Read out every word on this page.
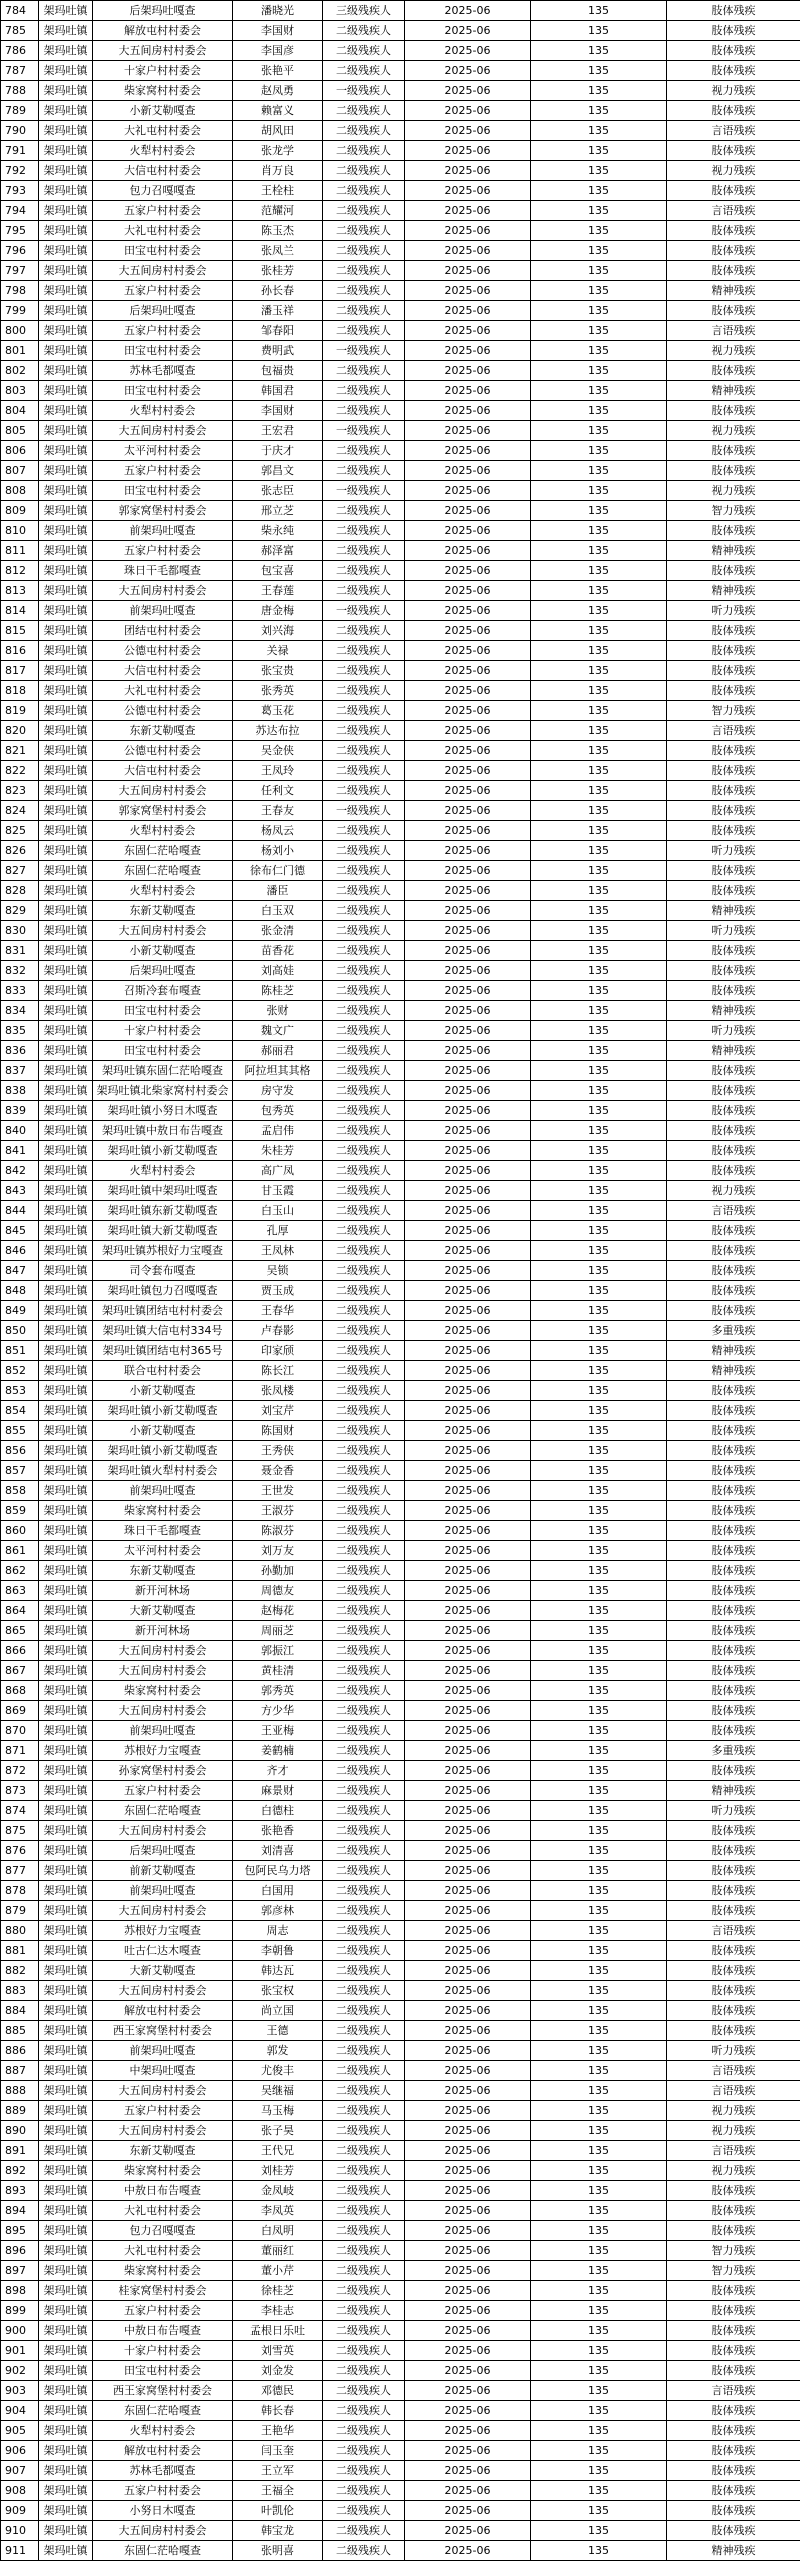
784	架玛吐镇	后架玛吐嘎查	潘晓光	三级残疾人	2025-06	135	肢体残疾
785	架玛吐镇	解放屯村村委会	李国财	二级残疾人	2025-06	135	肢体残疾
786	架玛吐镇	大五间房村村委会	李国彦	二级残疾人	2025-06	135	肢体残疾
787	架玛吐镇	十家户村村委会	张艳平	二级残疾人	2025-06	135	肢体残疾
788	架玛吐镇	柴家窝村村委会	赵凤勇	一级残疾人	2025-06	135	视力残疾
789	架玛吐镇	小新艾勒嘎查	赖富义	二级残疾人	2025-06	135	肢体残疾
790	架玛吐镇	大礼屯村村委会	胡风田	二级残疾人	2025-06	135	言语残疾
791	架玛吐镇	火犁村村委会	张龙学	二级残疾人	2025-06	135	肢体残疾
792	架玛吐镇	大信屯村村委会	肖万良	二级残疾人	2025-06	135	视力残疾
793	架玛吐镇	包力召嘎嘎查	王栓柱	二级残疾人	2025-06	135	肢体残疾
794	架玛吐镇	五家户村村委会	范耀河	二级残疾人	2025-06	135	言语残疾
795	架玛吐镇	大礼屯村村委会	陈玉杰	二级残疾人	2025-06	135	肢体残疾
796	架玛吐镇	田宝屯村村委会	张凤兰	二级残疾人	2025-06	135	肢体残疾
797	架玛吐镇	大五间房村村委会	张桂芳	二级残疾人	2025-06	135	肢体残疾
798	架玛吐镇	五家户村村委会	孙长春	二级残疾人	2025-06	135	精神残疾
799	架玛吐镇	后架玛吐嘎查	潘玉祥	二级残疾人	2025-06	135	肢体残疾
800	架玛吐镇	五家户村村委会	邹春阳	二级残疾人	2025-06	135	言语残疾
801	架玛吐镇	田宝屯村村委会	费明武	一级残疾人	2025-06	135	视力残疾
802	架玛吐镇	苏林毛都嘎查	包福贵	二级残疾人	2025-06	135	肢体残疾
803	架玛吐镇	田宝屯村村委会	韩国君	二级残疾人	2025-06	135	精神残疾
804	架玛吐镇	火犁村村委会	李国财	二级残疾人	2025-06	135	肢体残疾
805	架玛吐镇	大五间房村村委会	王宏君	一级残疾人	2025-06	135	视力残疾
806	架玛吐镇	太平河村村委会	于庆才	二级残疾人	2025-06	135	肢体残疾
807	架玛吐镇	五家户村村委会	郭昌文	二级残疾人	2025-06	135	肢体残疾
808	架玛吐镇	田宝屯村村委会	张志臣	一级残疾人	2025-06	135	视力残疾
809	架玛吐镇	郭家窝堡村村委会	邢立芝	二级残疾人	2025-06	135	智力残疾
810	架玛吐镇	前架玛吐嘎查	柴永纯	二级残疾人	2025-06	135	肢体残疾
811	架玛吐镇	五家户村村委会	郝泽富	二级残疾人	2025-06	135	精神残疾
812	架玛吐镇	珠日干毛都嘎查	包宝喜	二级残疾人	2025-06	135	肢体残疾
813	架玛吐镇	大五间房村村委会	王春莲	二级残疾人	2025-06	135	精神残疾
814	架玛吐镇	前架玛吐嘎查	唐金梅	一级残疾人	2025-06	135	听力残疾
815	架玛吐镇	团结屯村村委会	刘兴海	二级残疾人	2025-06	135	肢体残疾
816	架玛吐镇	公德屯村村委会	关禄	二级残疾人	2025-06	135	肢体残疾
817	架玛吐镇	大信屯村村委会	张宝贵	二级残疾人	2025-06	135	肢体残疾
818	架玛吐镇	大礼屯村村委会	张秀英	二级残疾人	2025-06	135	肢体残疾
819	架玛吐镇	公德屯村村委会	葛玉花	二级残疾人	2025-06	135	智力残疾
820	架玛吐镇	东新艾勒嘎查	苏达布拉	二级残疾人	2025-06	135	言语残疾
821	架玛吐镇	公德屯村村委会	吴金侠	二级残疾人	2025-06	135	肢体残疾
822	架玛吐镇	大信屯村村委会	王凤玲	二级残疾人	2025-06	135	肢体残疾
823	架玛吐镇	大五间房村村委会	任利文	二级残疾人	2025-06	135	肢体残疾
824	架玛吐镇	郭家窝堡村村委会	王春友	一级残疾人	2025-06	135	肢体残疾
825	架玛吐镇	火犁村村委会	杨凤云	二级残疾人	2025-06	135	肢体残疾
826	架玛吐镇	东固仁茫哈嘎查	杨刘小	二级残疾人	2025-06	135	听力残疾
827	架玛吐镇	东固仁茫哈嘎查	徐布仁门德	二级残疾人	2025-06	135	肢体残疾
828	架玛吐镇	火犁村村委会	潘臣	二级残疾人	2025-06	135	肢体残疾
829	架玛吐镇	东新艾勒嘎查	白玉双	二级残疾人	2025-06	135	精神残疾
830	架玛吐镇	大五间房村村委会	张金清	二级残疾人	2025-06	135	听力残疾
831	架玛吐镇	小新艾勒嘎查	苗香花	二级残疾人	2025-06	135	肢体残疾
832	架玛吐镇	后架玛吐嘎查	刘高娃	二级残疾人	2025-06	135	肢体残疾
833	架玛吐镇	召斯冷套布嘎查	陈桂芝	二级残疾人	2025-06	135	肢体残疾
834	架玛吐镇	田宝屯村村委会	张财	二级残疾人	2025-06	135	精神残疾
835	架玛吐镇	十家户村村委会	魏文广	二级残疾人	2025-06	135	听力残疾
836	架玛吐镇	田宝屯村村委会	郝丽君	二级残疾人	2025-06	135	精神残疾
837	架玛吐镇	架玛吐镇东固仁茫哈嘎查	阿拉坦其其格	二级残疾人	2025-06	135	肢体残疾
838	架玛吐镇	架玛吐镇北柴家窝村村委会	房守发	二级残疾人	2025-06	135	肢体残疾
839	架玛吐镇	架玛吐镇小努日木嘎查	包秀英	二级残疾人	2025-06	135	肢体残疾
840	架玛吐镇	架玛吐镇中敖日布告嘎查	孟启伟	二级残疾人	2025-06	135	肢体残疾
841	架玛吐镇	架玛吐镇小新艾勒嘎查	朱桂芳	二级残疾人	2025-06	135	肢体残疾
842	架玛吐镇	火犁村村委会	高广凤	二级残疾人	2025-06	135	肢体残疾
843	架玛吐镇	架玛吐镇中架玛吐嘎查	甘玉霞	二级残疾人	2025-06	135	视力残疾
844	架玛吐镇	架玛吐镇东新艾勒嘎查	白玉山	二级残疾人	2025-06	135	言语残疾
845	架玛吐镇	架玛吐镇大新艾勒嘎查	孔厚	二级残疾人	2025-06	135	肢体残疾
846	架玛吐镇	架玛吐镇苏根好力宝嘎查	王凤林	二级残疾人	2025-06	135	肢体残疾
847	架玛吐镇	司令套布嘎查	吴锁	二级残疾人	2025-06	135	肢体残疾
848	架玛吐镇	架玛吐镇包力召嘎嘎查	贾玉成	二级残疾人	2025-06	135	肢体残疾
849	架玛吐镇	架玛吐镇团结屯村村委会	王春华	二级残疾人	2025-06	135	肢体残疾
850	架玛吐镇	架玛吐镇大信屯村334号	卢春影	二级残疾人	2025-06	135	多重残疾
851	架玛吐镇	架玛吐镇团结屯村365号	印家颀	二级残疾人	2025-06	135	精神残疾
852	架玛吐镇	联合屯村村委会	陈长江	二级残疾人	2025-06	135	精神残疾
853	架玛吐镇	小新艾勒嘎查	张凤楼	二级残疾人	2025-06	135	肢体残疾
854	架玛吐镇	架玛吐镇小新艾勒嘎查	刘宝芹	二级残疾人	2025-06	135	肢体残疾
855	架玛吐镇	小新艾勒嘎查	陈国财	二级残疾人	2025-06	135	肢体残疾
856	架玛吐镇	架玛吐镇小新艾勒嘎查	王秀侠	二级残疾人	2025-06	135	肢体残疾
857	架玛吐镇	架玛吐镇火犁村村委会	聂金香	二级残疾人	2025-06	135	肢体残疾
858	架玛吐镇	前架玛吐嘎查	王世发	二级残疾人	2025-06	135	肢体残疾
859	架玛吐镇	柴家窝村村委会	王淑芬	二级残疾人	2025-06	135	肢体残疾
860	架玛吐镇	珠日干毛都嘎查	陈淑芬	二级残疾人	2025-06	135	肢体残疾
861	架玛吐镇	太平河村村委会	刘万友	二级残疾人	2025-06	135	肢体残疾
862	架玛吐镇	东新艾勒嘎查	孙勤加	二级残疾人	2025-06	135	肢体残疾
863	架玛吐镇	新开河林场	周德友	二级残疾人	2025-06	135	肢体残疾
864	架玛吐镇	大新艾勒嘎查	赵梅花	二级残疾人	2025-06	135	肢体残疾
865	架玛吐镇	新开河林场	周丽芝	二级残疾人	2025-06	135	肢体残疾
866	架玛吐镇	大五间房村村委会	郭振江	二级残疾人	2025-06	135	肢体残疾
867	架玛吐镇	大五间房村村委会	黄桂清	二级残疾人	2025-06	135	肢体残疾
868	架玛吐镇	柴家窝村村委会	郭秀英	二级残疾人	2025-06	135	肢体残疾
869	架玛吐镇	大五间房村村委会	方少华	二级残疾人	2025-06	135	肢体残疾
870	架玛吐镇	前架玛吐嘎查	王亚梅	二级残疾人	2025-06	135	肢体残疾
871	架玛吐镇	苏根好力宝嘎查	姜鹤楠	二级残疾人	2025-06	135	多重残疾
872	架玛吐镇	孙家窝堡村村委会	齐才	二级残疾人	2025-06	135	肢体残疾
873	架玛吐镇	五家户村村委会	麻景财	二级残疾人	2025-06	135	精神残疾
874	架玛吐镇	东固仁茫哈嘎查	白德柱	二级残疾人	2025-06	135	听力残疾
875	架玛吐镇	大五间房村村委会	张艳香	二级残疾人	2025-06	135	肢体残疾
876	架玛吐镇	后架玛吐嘎查	刘清喜	二级残疾人	2025-06	135	肢体残疾
877	架玛吐镇	前新艾勒嘎查	包阿民乌力塔	二级残疾人	2025-06	135	肢体残疾
878	架玛吐镇	前架玛吐嘎查	白国用	二级残疾人	2025-06	135	肢体残疾
879	架玛吐镇	大五间房村村委会	郭彦林	二级残疾人	2025-06	135	肢体残疾
880	架玛吐镇	苏根好力宝嘎查	周志	二级残疾人	2025-06	135	言语残疾
881	架玛吐镇	吐古仁达木嘎查	李朝鲁	二级残疾人	2025-06	135	肢体残疾
882	架玛吐镇	大新艾勒嘎查	韩达瓦	二级残疾人	2025-06	135	肢体残疾
883	架玛吐镇	大五间房村村委会	张宝权	二级残疾人	2025-06	135	肢体残疾
884	架玛吐镇	解放屯村村委会	尚立国	二级残疾人	2025-06	135	肢体残疾
885	架玛吐镇	西王家窝堡村村委会	王德	二级残疾人	2025-06	135	肢体残疾
886	架玛吐镇	前架玛吐嘎查	郭发	二级残疾人	2025-06	135	听力残疾
887	架玛吐镇	中架玛吐嘎查	尤俊丰	二级残疾人	2025-06	135	言语残疾
888	架玛吐镇	大五间房村村委会	吴继福	二级残疾人	2025-06	135	言语残疾
889	架玛吐镇	五家户村村委会	马玉梅	二级残疾人	2025-06	135	视力残疾
890	架玛吐镇	大五间房村村委会	张子昊	二级残疾人	2025-06	135	视力残疾
891	架玛吐镇	东新艾勒嘎查	王代兄	二级残疾人	2025-06	135	言语残疾
892	架玛吐镇	柴家窝村村委会	刘桂芳	二级残疾人	2025-06	135	视力残疾
893	架玛吐镇	中敖日布告嘎查	金凤岐	二级残疾人	2025-06	135	肢体残疾
894	架玛吐镇	大礼屯村村委会	李凤英	二级残疾人	2025-06	135	肢体残疾
895	架玛吐镇	包力召嘎嘎查	白凤明	二级残疾人	2025-06	135	肢体残疾
896	架玛吐镇	大礼屯村村委会	董丽红	二级残疾人	2025-06	135	智力残疾
897	架玛吐镇	柴家窝村村委会	董小芹	二级残疾人	2025-06	135	智力残疾
898	架玛吐镇	桂家窝堡村村委会	徐桂芝	二级残疾人	2025-06	135	肢体残疾
899	架玛吐镇	五家户村村委会	李桂志	二级残疾人	2025-06	135	肢体残疾
900	架玛吐镇	中敖日布告嘎查	孟根日乐吐	二级残疾人	2025-06	135	肢体残疾
901	架玛吐镇	十家户村村委会	刘雪英	二级残疾人	2025-06	135	肢体残疾
902	架玛吐镇	田宝屯村村委会	刘金发	二级残疾人	2025-06	135	肢体残疾
903	架玛吐镇	西王家窝堡村村委会	邓德民	二级残疾人	2025-06	135	言语残疾
904	架玛吐镇	东固仁茫哈嘎查	韩长春	二级残疾人	2025-06	135	肢体残疾
905	架玛吐镇	火犁村村委会	王艳华	二级残疾人	2025-06	135	肢体残疾
906	架玛吐镇	解放屯村村委会	闫玉奎	二级残疾人	2025-06	135	肢体残疾
907	架玛吐镇	苏林毛都嘎查	王立军	二级残疾人	2025-06	135	肢体残疾
908	架玛吐镇	五家户村村委会	王福全	二级残疾人	2025-06	135	肢体残疾
909	架玛吐镇	小努日木嘎查	叶凯伦	二级残疾人	2025-06	135	肢体残疾
910	架玛吐镇	大五间房村村委会	韩宝龙	二级残疾人	2025-06	135	肢体残疾
911	架玛吐镇	东固仁茫哈嘎查	张明喜	二级残疾人	2025-06	135	精神残疾
